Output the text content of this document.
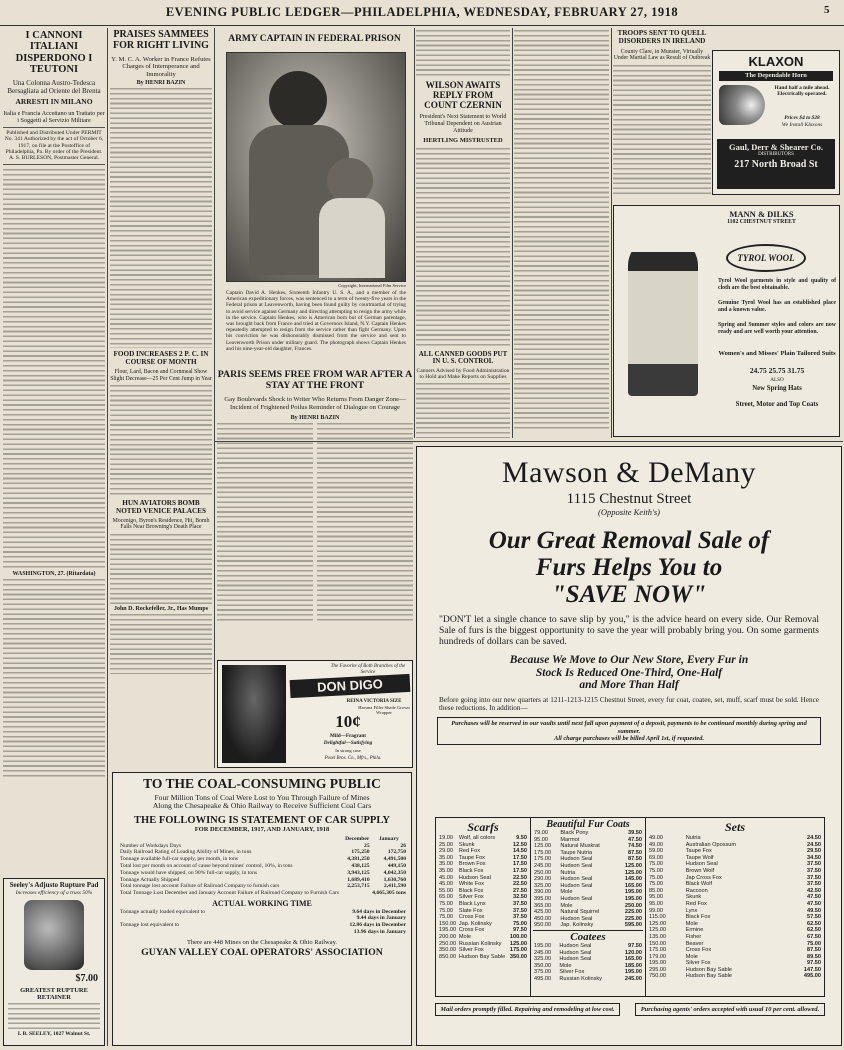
EVENING PUBLIC LEDGER—PHILADELPHIA, WEDNESDAY, FEBRUARY 27, 1918	5
I CANNONI ITALIANI DISPERDONO I TEUTONI
Una Colonna Austro-Tedesca Bersagliata ad Oriente del Brenta
ARRESTI IN MILANO
Italia e Francia Accettano un Trattato per i Soggetti al Servizio Militare
Published and Distributed Under PERMIT No. 341 Authorized by the act of October 6, 1917, on file at the Postoffice of Philadelphia, Pa. By order of the President. A. S. BURLESON, Postmaster General.
WASHINGTON, 27. (Ritardata)
Seeley's Adjusto Rupture Pad
Increases efficiency of a truss 50%
$7.00
GREATEST RUPTURE RETAINER
I. B. SEELEY, 1027 Walnut St.
PRAISES SAMMEES FOR RIGHT LIVING
Y. M. C. A. Worker in France Refutes Charges of Intemperance and Immorality
By HENRI BAZIN
FOOD INCREASES 2 P. C. IN COURSE OF MONTH
Flour, Lard, Bacon and Cornmeal Show Slight Decrease—25 Per Cent Jump in Year
HUN AVIATORS BOMB NOTED VENICE PALACES
Mocenigo, Byron's Residence, Hit, Bomb Falls Near Browning's Death Place
John D. Rockefeller, Jr., Has Mumps
ARMY CAPTAIN IN FEDERAL PRISON
Copyright, International Film Service
Captain David A. Henkes, Sixteenth Infantry U. S. A., and a member of the American expeditionary forces, was sentenced to a term of twenty-five years in the Federal prison at Leavenworth, having been found guilty by courtmartial of trying to avoid service against Germany and directing attempting to resign the army while in the service. Captain Henkes, who is American born but of German parentage, was brought back from France and tried at Governors Island, N.Y. Captain Henkes repeatedly attempted to resign from the service rather than fight Germany. Upon his conviction he was dishonorably dismissed from the service and sent to Leavenworth Prison under military guard. The photograph shows Captain Henkes and his nine-year-old daughter, Frances.
PARIS SEEMS FREE FROM WAR AFTER A STAY AT THE FRONT
Gay Boulevards Shock to Writer Who Returns From Danger Zone—Incident of Frightened Poilus Reminder of Dialogue on Courage
By HENRI BAZIN
The Favorite of Both Branches of the Service
DON DIGO
REINA VICTORIA SIZE
Havana Filler Shade Grown Wrapper
10¢
Mild—Fragrant
Delightful—Satisfying
In strong case
Posel Bros. Co., Mfrs., Phila.
WILSON AWAITS REPLY FROM COUNT CZERNIN
President's Next Statement to World Tribunal Dependent on Austrian Attitude
HERTLING MISTRUSTED
ALL CANNED GOODS PUT IN U. S. CONTROL
Canners Advised by Food Administration to Hold and Make Reports on Supplies
TROOPS SENT TO QUELL DISORDERS IN IRELAND
County Clare, in Munster, Virtually Under Martial Law as Result of Outbreak	KLAXON
The Dependable Horn
Hand half a mile ahead. Electrically operated.
Prices $4 to $28
We Install Klaxons
Gaul, Derr & Shearer Co.
DISTRIBUTORS
217 North Broad St
MANN & DILKS
1102 CHESTNUT STREET
TYROL WOOL
Tyrol Wool garments in style and quality of cloth are the best obtainable.
Genuine Tyrol Wool has an established place and a known value.
Spring and Summer styles and colors are now ready and are well worth your attention.
Women's and Misses' Plain Tailored Suits
24.75 25.75 31.75
ALSO
New Spring Hats
Street, Motor and Top Coats
Mawson & DeMany
1115 Chestnut Street
(Opposite Keith's)
Our Great Removal Sale of
Furs Helps You to
"SAVE NOW"
"DON'T let a single chance to save slip by you," is the advice heard on every side. Our Removal Sale of furs is the biggest opportunity to save the year will probably bring you. On some garments hundreds of dollars can be saved.
Because We Move to Our New Store, Every Fur in
Stock Is Reduced One-Third, One-Half
and More Than Half
Before going into our new quarters at 1211-1213-1215 Chestnut Street, every fur coat, coatee, set, muff, scarf must be sold. Hence these reductions. In addition—
Purchases will be reserved in our vaults until next fall upon payment of a deposit, payments to be continued monthly during spring and summer.
All charge purchases will be billed April 1st, if requested.
Scarfs
19.00	Wolf, all colors	9.50
25.00	Skunk	12.50
29.00	Red Fox	14.50
35.00	Taupe Fox	17.50
35.00	Brown Fox	17.50
35.00	Black Fox	17.50
45.00	Hudson Seal	22.50
45.00	White Fox	22.50
55.00	Black Fox	27.50
65.00	Silver Fox	32.50
75.00	Black Lynx	37.50
75.00	Slate Fox	37.50
75.00	Cross Fox	37.50
150.00	Jap. Kolinsky	75.00
195.00	Cross Fox	97.50
200.00	Mole	100.00
250.00	Russian Kolinsky	125.00
350.00	Silver Fox	175.00
850.00	Hudson Bay Sable	350.00
Beautiful Fur Coats
79.00	Black Pony	39.50
95.00	Marmot	47.50
125.00	Natural Muskrat	74.50
175.00	Taupe Nutria	87.50
175.00	Hudson Seal	87.50
245.00	Hudson Seal	125.00
250.00	Nutria	125.00
290.00	Hudson Seal	145.00
325.00	Hudson Seal	165.00
390.00	Mole	195.00
395.00	Hudson Seal	195.00
365.00	Mole	250.00
425.00	Natural Squirrel	225.00
450.00	Hudson Seal	225.00
950.00	Jap. Kolinsky	595.00
Coatees
195.00	Hudson Seal	97.50
245.00	Hudson Seal	120.00
325.00	Hudson Seal	165.00
350.00	Mole	185.00
375.00	Silver Fox	195.00
495.00	Russian Kolinsky	245.00
Sets
49.00	Nutria	24.50
49.00	Australian Opossum	24.50
59.00	Taupe Fox	29.50
69.00	Taupe Wolf	34.50
75.00	Hudson Seal	37.50
75.00	Brown Wolf	37.50
75.00	Jap Cross Fox	37.50
75.00	Black Wolf	37.50
85.00	Raccoon	42.50
95.00	Skunk	47.50
95.00	Red Fox	47.50
99.00	Lynx	49.50
115.00	Black Fox	57.50
125.00	Mole	62.50
125.00	Ermine	62.50
135.00	Fisher	67.50
150.00	Beaver	75.00
175.00	Cross Fox	87.50
179.00	Mole	89.50
195.00	Silver Fox	97.50
295.00	Hudson Bay Sable	147.50
750.00	Hudson Bay Sable	495.00
Mail orders promptly filled. Repairing and remodeling at low cost.	Purchasing agents' orders accepted with usual 10 per cent. allowed.
TO THE COAL-CONSUMING PUBLIC
Four Million Tons of Coal Were Lost to You Through Failure of Mines
Along the Chesapeake & Ohio Railway to Receive Sufficient Coal Cars
THE FOLLOWING IS STATEMENT OF CAR SUPPLY
FOR DECEMBER, 1917, AND JANUARY, 1918
	December	January
Number of Workdays Days	25	26
Daily Railroad Rating of Leading Ability of Mines, in tons	175,250	172,750
Tonnage available full-car supply, per month, in tons	4,381,250	4,491,500
Total lost per month on account of cause beyond mines' control, 10%, in tons	438,125	449,150
Tonnage would have shipped, on 90% full-car supply, in tons	3,943,125	4,042,350
Tonnage Actually Shipped	1,689,410	1,630,760
Total tonnage lost account Failure of Railroad Company to furnish cars	2,253,715	2,411,590
Total Tonnage Lost December and January Account Failure of Railroad Company to Furnish Cars		4,665,305 tons
ACTUAL WORKING TIME
Tonnage actually loaded equivalent to	9.64 days in December
	9.44 days in January
Tonnage lost equivalent to	12.86 days in December
	13.96 days in January
There are 448 Mines on the Chesapeake & Ohio Railway.
GUYAN VALLEY COAL OPERATORS' ASSOCIATION
